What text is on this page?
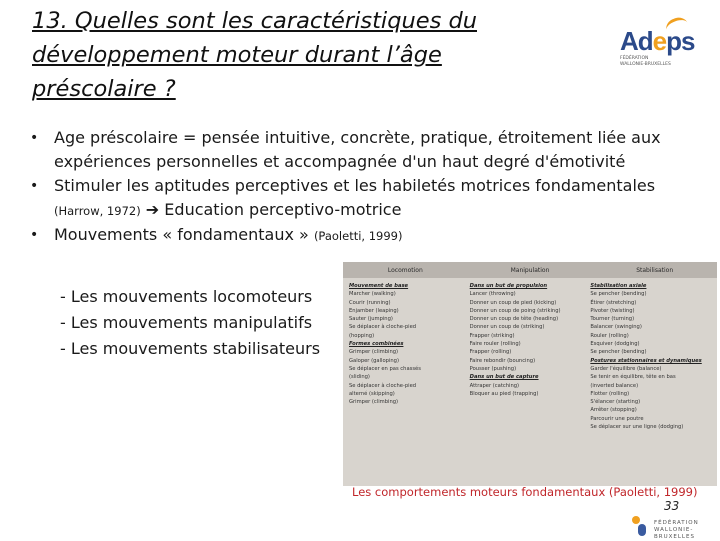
13. Quelles sont les caractéristiques du développement moteur durant l’âge préscolaire ?
Adeps
FÉDÉRATION
WALLONIE-BRUXELLES
• Age préscolaire = pensée intuitive, concrète, pratique, étroitement liée aux expériences personnelles et accompagnée d'un haut degré d'émotivité
• Stimuler les aptitudes perceptives et les habiletés motrices fondamentales
(Harrow, 1972) ➔ Education perceptivo-motrice
• Mouvements « fondamentaux » (Paoletti, 1999)
- Les mouvements locomoteurs
- Les mouvements manipulatifs
- Les mouvements stabilisateurs
Locomotion	Manipulation	Stabilisation
Mouvement de base
Marcher (walking)
Courir (running)
Enjamber (leaping)
Sauter (jumping)
Se déplacer à cloche-pied
(hopping)
Formes combinées
Grimper (climbing)
Galoper (galloping)
Se déplacer en pas chassés
(sliding)
Se déplacer à cloche-pied
alterné (skipping)
Grimper (climbing)
Dans un but de propulsion
Lancer (throwing)
Donner un coup de pied (kicking)
Donner un coup de poing (striking)
Donner un coup de tête (heading)
Donner un coup de (striking)
Frapper (striking)
Faire rouler (rolling)
Frapper (rolling)
Faire rebondir (bouncing)
Pousser (pushing)
Dans un but de capture
Attraper (catching)
Bloquer au pied (trapping)
Stabilisation axiale
Se pencher (bending)
Étirer (stretching)
Pivoter (twisting)
Tourner (turning)
Balancer (swinging)
Rouler (rolling)
Esquiver (dodging)
Se pencher (bending)
Postures stationnaires et dynamiques
Garder l'équilibre (balance)
Se tenir en équilibre, tête en bas
(inverted balance)
Flotter (rolling)
S'élancer (starting)
Arrêter (stopping)
Parcourir une poutre
Se déplacer sur une ligne (dodging)
Les comportements moteurs fondamentaux (Paoletti, 1999)
33
FÉDÉRATION
WALLONIE-BRUXELLES
